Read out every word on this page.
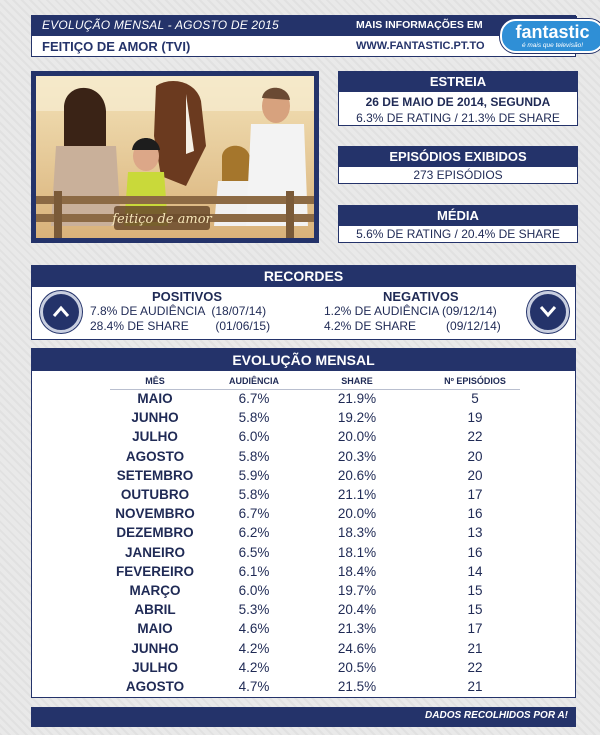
EVOLUÇÃO MENSAL - AGOSTO DE 2015	MAIS INFORMAÇÕES EM
FEITIÇO DE AMOR (TVI)	WWW.FANTASTIC.PT.TO
fantastic
é mais que televisão!
feitiço de amor
ESTREIA
26 DE MAIO DE 2014, SEGUNDA
6.3% DE RATING / 21.3% DE SHARE
EPISÓDIOS EXIBIDOS
273 EPISÓDIOS
MÉDIA
5.6% DE RATING / 20.4% DE SHARE
RECORDES
POSITIVOS
7.8% DE AUDIÊNCIA  (18/07/14)
28.4% DE SHARE        (01/06/15)
NEGATIVOS
1.2% DE AUDIÊNCIA (09/12/14)
4.2% DE SHARE         (09/12/14)
EVOLUÇÃO MENSAL
MÊS	AUDIÊNCIA	SHARE	Nº EPISÓDIOS
MAIO	6.7%	21.9%	5
JUNHO	5.8%	19.2%	19
JULHO	6.0%	20.0%	22
AGOSTO	5.8%	20.3%	20
SETEMBRO	5.9%	20.6%	20
OUTUBRO	5.8%	21.1%	17
NOVEMBRO	6.7%	20.0%	16
DEZEMBRO	6.2%	18.3%	13
JANEIRO	6.5%	18.1%	16
FEVEREIRO	6.1%	18.4%	14
MARÇO	6.0%	19.7%	15
ABRIL	5.3%	20.4%	15
MAIO	4.6%	21.3%	17
JUNHO	4.2%	24.6%	21
JULHO	4.2%	20.5%	22
AGOSTO	4.7%	21.5%	21
DADOS RECOLHIDOS POR A!
